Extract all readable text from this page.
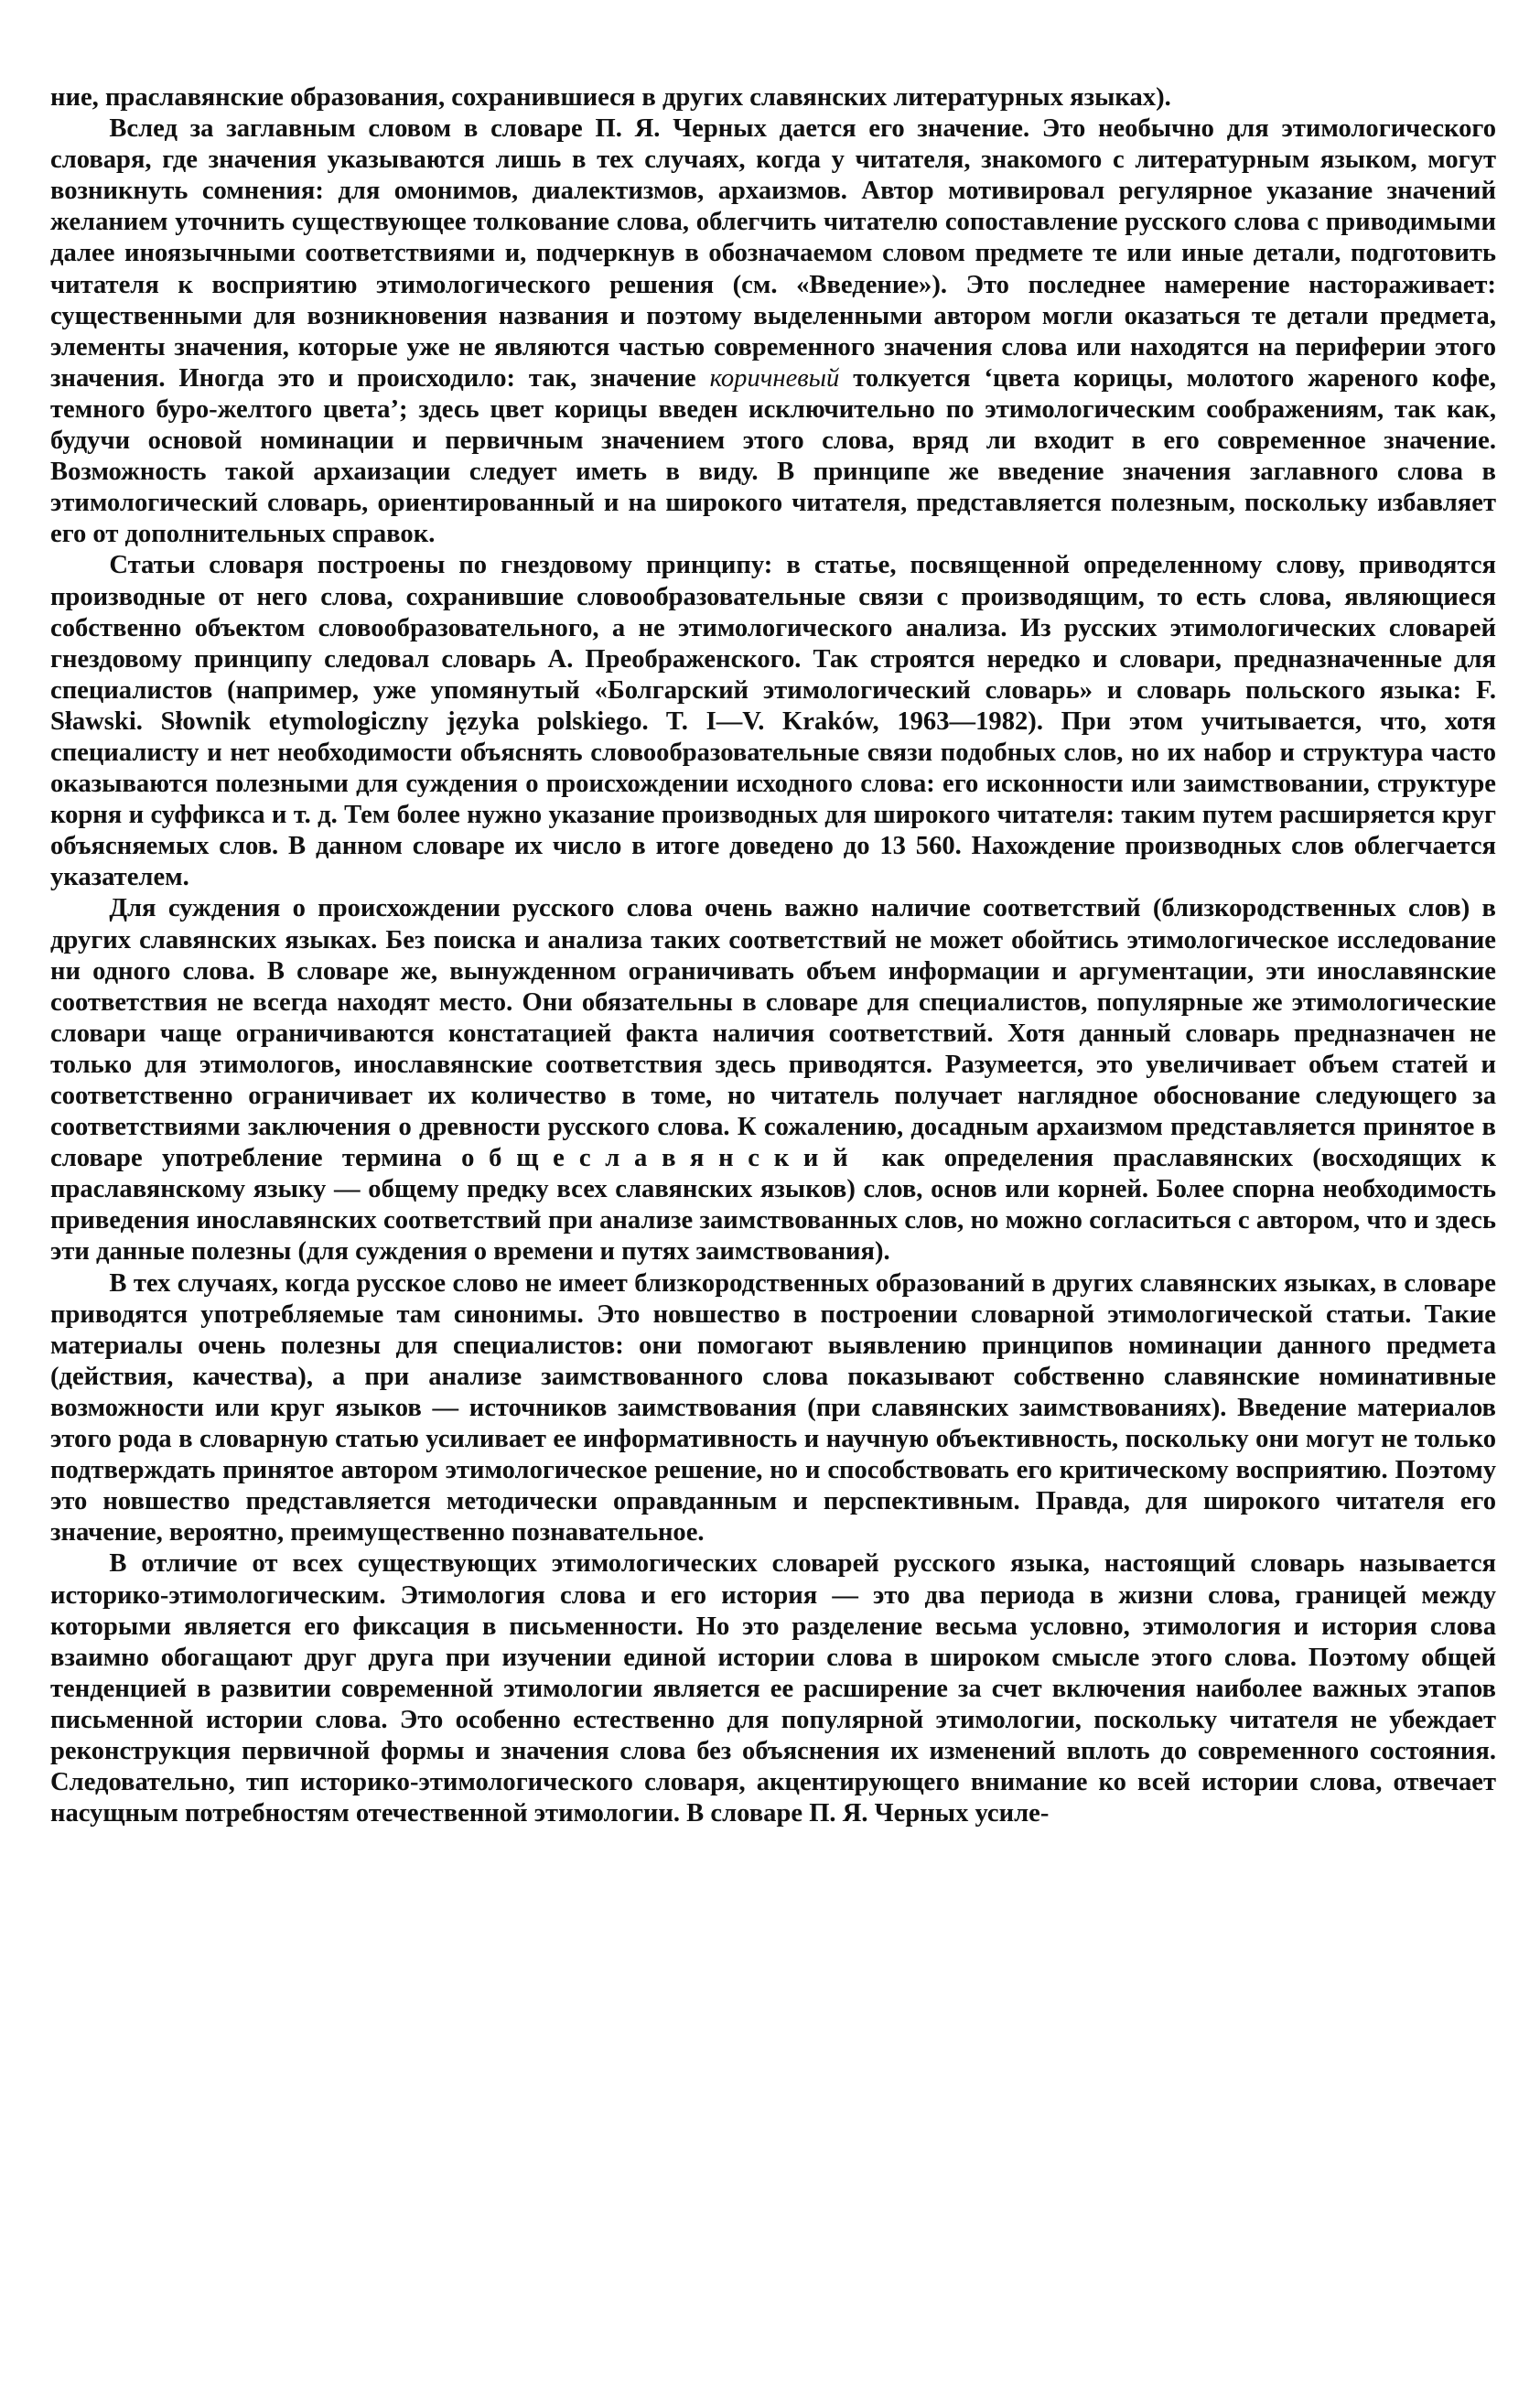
ние, праславянские образования, сохранившиеся в других славянских литературных языках).

Вслед за заглавным словом в словаре П. Я. Черных дается его значение. Это необычно для этимологического словаря, где значения указываются лишь в тех случаях, когда у читателя, знакомого с литературным языком, могут возникнуть сомнения: для омонимов, диалектизмов, архаизмов. Автор мотивировал регулярное указание значений желанием уточнить существующее толкование слова, облегчить читателю сопоставление русского слова с приводимыми далее иноязычными соответствиями и, подчеркнув в обозначаемом словом предмете те или иные детали, подготовить читателя к восприятию этимологического решения (см. «Введение»). Это последнее намерение настораживает: существенными для возникновения названия и поэтому выделенными автором могли оказаться те детали предмета, элементы значения, которые уже не являются частью современного значения слова или находятся на периферии этого значения. Иногда это и происходило: так, значение коричневый толкуется ‘цвета корицы, молотого жареного кофе, темного буро-желтого цвета’; здесь цвет корицы введен исключительно по этимологическим соображениям, так как, будучи основой номинации и первичным значением этого слова, вряд ли входит в его современное значение. Возможность такой архаизации следует иметь в виду. В принципе же введение значения заглавного слова в этимологический словарь, ориентированный и на широкого читателя, представляется полезным, поскольку избавляет его от дополнительных справок.

Статьи словаря построены по гнездовому принципу: в статье, посвященной определенному слову, приводятся производные от него слова, сохранившие словообразовательные связи с производящим, то есть слова, являющиеся собственно объектом словообразовательного, а не этимологического анализа. Из русских этимологических словарей гнездовому принципу следовал словарь А. Преображенского. Так строятся нередко и словари, предназначенные для специалистов (например, уже упомянутый «Болгарский этимологический словарь» и словарь польского языка: F. Sławski. Słownik etymologiczny języka polskiego. T. I—V. Kraków, 1963—1982). При этом учитывается, что, хотя специалисту и нет необходимости объяснять словообразовательные связи подобных слов, но их набор и структура часто оказываются полезными для суждения о происхождении исходного слова: его исконности или заимствовании, структуре корня и суффикса и т. д. Тем более нужно указание производных для широкого читателя: таким путем расширяется круг объясняемых слов. В данном словаре их число в итоге доведено до 13 560. Нахождение производных слов облегчается указателем.

Для суждения о происхождении русского слова очень важно наличие соответствий (близкородственных слов) в других славянских языках. Без поиска и анализа таких соответствий не может обойтись этимологическое исследование ни одного слова. В словаре же, вынужденном ограничивать объем информации и аргументации, эти инославянские соответствия не всегда находят место. Они обязательны в словаре для специалистов, популярные же этимологические словари чаще ограничиваются констатацией факта наличия соответствий. Хотя данный словарь предназначен не только для этимологов, инославянские соответствия здесь приводятся. Разумеется, это увеличивает объем статей и соответственно ограничивает их количество в томе, но читатель получает наглядное обоснование следующего за соответствиями заключения о древности русского слова. К сожалению, досадным архаизмом представляется принятое в словаре употребление термина общеславянский как определения праславянских (восходящих к праславянскому языку — общему предку всех славянских языков) слов, основ или корней. Более спорна необходимость приведения инославянских соответствий при анализе заимствованных слов, но можно согласиться с автором, что и здесь эти данные полезны (для суждения о времени и путях заимствования).

В тех случаях, когда русское слово не имеет близкородственных образований в других славянских языках, в словаре приводятся употребляемые там синонимы. Это новшество в построении словарной этимологической статьи. Такие материалы очень полезны для специалистов: они помогают выявлению принципов номинации данного предмета (действия, качества), а при анализе заимствованного слова показывают собственно славянские номинативные возможности или круг языков — источников заимствования (при славянских заимствованиях). Введение материалов этого рода в словарную статью усиливает ее информативность и научную объективность, поскольку они могут не только подтверждать принятое автором этимологическое решение, но и способствовать его критическому восприятию. Поэтому это новшество представляется методически оправданным и перспективным. Правда, для широкого читателя его значение, вероятно, преимущественно познавательное.

В отличие от всех существующих этимологических словарей русского языка, настоящий словарь называется историко-этимологическим. Этимология слова и его история — это два периода в жизни слова, границей между которыми является его фиксация в письменности. Но это разделение весьма условно, этимология и история слова взаимно обогащают друг друга при изучении единой истории слова в широком смысле этого слова. Поэтому общей тенденцией в развитии современной этимологии является ее расширение за счет включения наиболее важных этапов письменной истории слова. Это особенно естественно для популярной этимологии, поскольку читателя не убеждает реконструкция первичной формы и значения слова без объяснения их изменений вплоть до современного состояния. Следовательно, тип историко-этимологического словаря, акцентирующего внимание ко всей истории слова, отвечает насущным потребностям отечественной этимологии. В словаре П. Я. Черных усиле-
